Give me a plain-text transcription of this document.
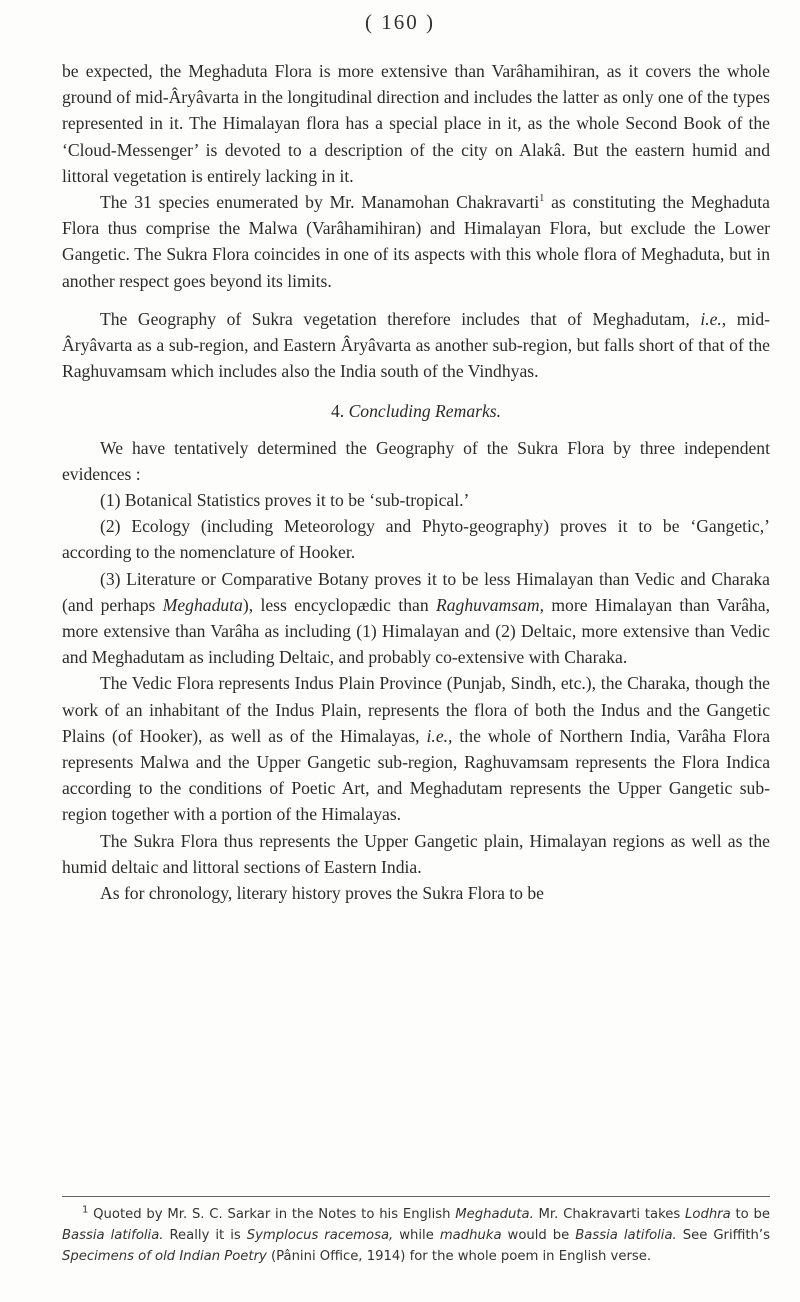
( 160 )

be expected, the Meghaduta Flora is more extensive than Varâhamihiran, as it covers the whole ground of mid-Âryâvarta in the longitudinal direction and includes the latter as only one of the types represented in it. The Himalayan flora has a special place in it, as the whole Second Book of the ‘Cloud-Messenger’ is devoted to a description of the city on Alakâ. But the eastern humid and littoral vegetation is entirely lacking in it.

The 31 species enumerated by Mr. Manamohan Chakravarti$^1$ as constituting the Meghaduta Flora thus comprise the Malwa (Varâhamihiran) and Himalayan Flora, but exclude the Lower Gangetic. The Sukra Flora coincides in one of its aspects with this whole flora of Meghaduta, but in another respect goes beyond its limits.

The Geography of Sukra vegetation therefore includes that of Meghadutam, i.e., mid-Âryâvarta as a sub-region, and Eastern Âryâvarta as another sub-region, but falls short of that of the Raghuvamsam which includes also the India south of the Vindhyas.

4. Concluding Remarks.

We have tentatively determined the Geography of the Sukra Flora by three independent evidences :

(1) Botanical Statistics proves it to be ‘sub-tropical.’

(2) Ecology (including Meteorology and Phyto-geography) proves it to be ‘Gangetic,’ according to the nomenclature of Hooker.

(3) Literature or Comparative Botany proves it to be less Himalayan than Vedic and Charaka (and perhaps Meghaduta), less encyclopædic than Raghuvamsam, more Himalayan than Varâha, more extensive than Varâha as including (1) Himalayan and (2) Deltaic, more extensive than Vedic and Meghadutam as including Deltaic, and probably co-extensive with Charaka.

The Vedic Flora represents Indus Plain Province (Punjab, Sindh, etc.), the Charaka, though the work of an inhabitant of the Indus Plain, represents the flora of both the Indus and the Gangetic Plains (of Hooker), as well as of the Himalayas, i.e., the whole of Northern India, Varâha Flora represents Malwa and the Upper Gangetic sub-region, Raghuvamsam represents the Flora Indica according to the conditions of Poetic Art, and Meghadutam represents the Upper Gangetic sub-region together with a portion of the Himalayas.

The Sukra Flora thus represents the Upper Gangetic plain, Himalayan regions as well as the humid deltaic and littoral sections of Eastern India.

As for chronology, literary history proves the Sukra Flora to be

$^1$ Quoted by Mr. S. C. Sarkar in the Notes to his English Meghaduta. Mr. Chakravarti takes Lodhra to be Bassia latifolia. Really it is Symplocus racemosa, while madhuka would be Bassia latifolia. See Griffith’s Specimens of old Indian Poetry (Pânini Office, 1914) for the whole poem in English verse.
